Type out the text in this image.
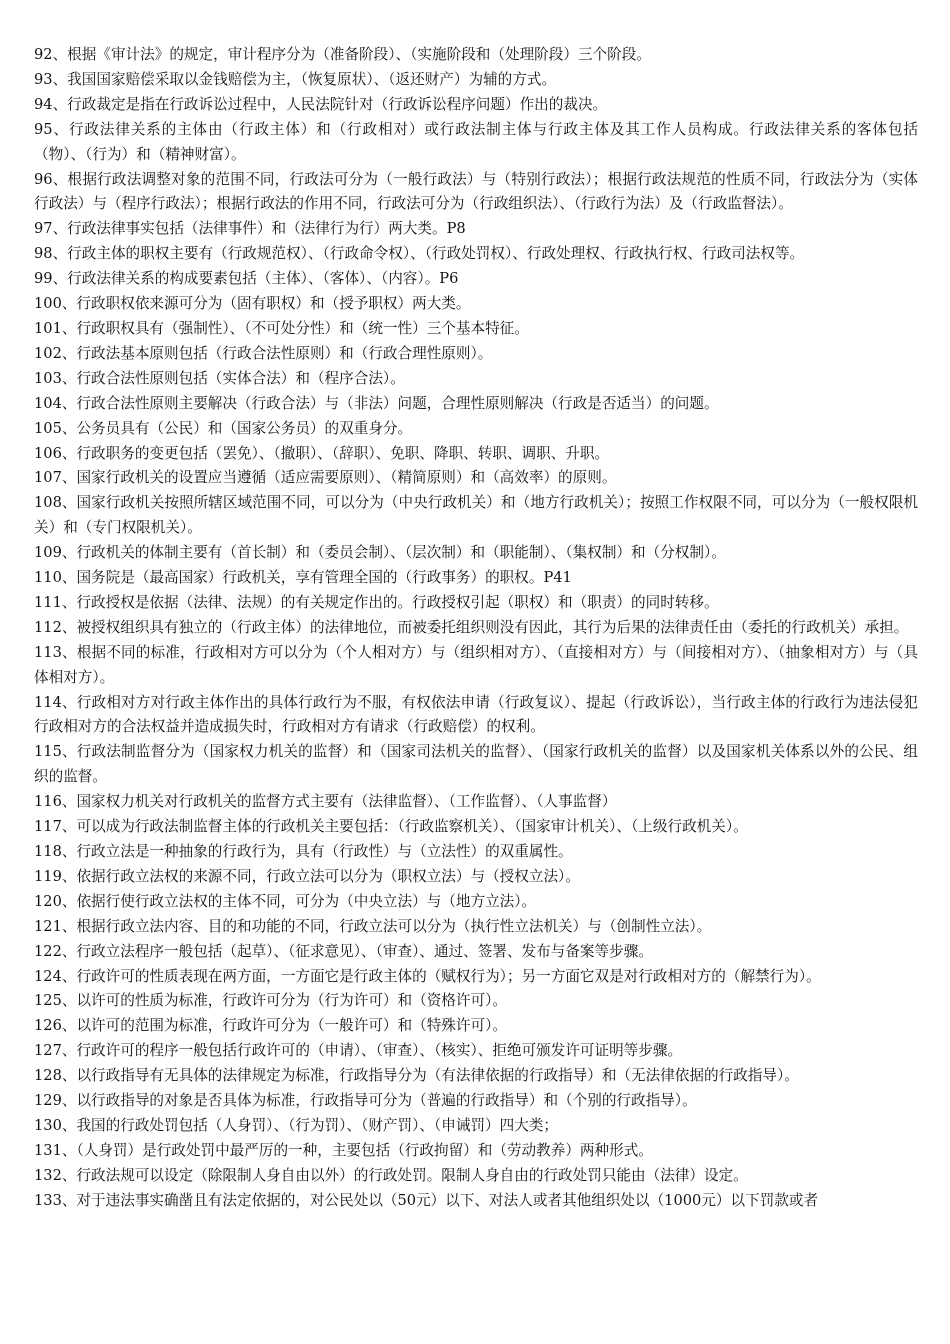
92、根据《审计法》的规定，审计程序分为（准备阶段）、（实施阶段和（处理阶段）三个阶段。

93、我国国家赔偿采取以金钱赔偿为主，（恢复原状）、（返还财产）为辅的方式。

94、行政裁定是指在行政诉讼过程中，人民法院针对（行政诉讼程序问题）作出的裁决。

95、行政法律关系的主体由（行政主体）和（行政相对）或行政法制主体与行政主体及其工作人员构成。行政法律关系的客体包括（物）、（行为）和（精神财富）。

96、根据行政法调整对象的范围不同，行政法可分为（一般行政法）与（特别行政法）；根据行政法规范的性质不同，行政法分为（实体行政法）与（程序行政法）；根据行政法的作用不同，行政法可分为（行政组织法）、（行政行为法）及（行政监督法）。

97、行政法律事实包括（法律事件）和（法律行为行）两大类。P8

98、行政主体的职权主要有（行政规范权）、（行政命令权）、（行政处罚权）、行政处理权、行政执行权、行政司法权等。

99、行政法律关系的构成要素包括（主体）、（客体）、（内容）。P6

100、行政职权依来源可分为（固有职权）和（授予职权）两大类。

101、行政职权具有（强制性）、（不可处分性）和（统一性）三个基本特征。

102、行政法基本原则包括（行政合法性原则）和（行政合理性原则）。

103、行政合法性原则包括（实体合法）和（程序合法）。

104、行政合法性原则主要解决（行政合法）与（非法）问题，合理性原则解决（行政是否适当）的问题。

105、公务员具有（公民）和（国家公务员）的双重身分。

106、行政职务的变更包括（罢免）、（撤职）、（辞职）、免职、降职、转职、调职、升职。

107、国家行政机关的设置应当遵循（适应需要原则）、（精简原则）和（高效率）的原则。

108、国家行政机关按照所辖区域范围不同，可以分为（中央行政机关）和（地方行政机关）；按照工作权限不同，可以分为（一般权限机关）和（专门权限机关）。

109、行政机关的体制主要有（首长制）和（委员会制）、（层次制）和（职能制）、（集权制）和（分权制）。

110、国务院是（最高国家）行政机关，享有管理全国的（行政事务）的职权。P41

111、行政授权是依据（法律、法规）的有关规定作出的。行政授权引起（职权）和（职责）的同时转移。

112、被授权组织具有独立的（行政主体）的法律地位，而被委托组织则没有因此，其行为后果的法律责任由（委托的行政机关）承担。

113、根据不同的标准，行政相对方可以分为（个人相对方）与（组织相对方）、（直接相对方）与（间接相对方）、（抽象相对方）与（具体相对方）。

114、行政相对方对行政主体作出的具体行政行为不服，有权依法申请（行政复议）、提起（行政诉讼），当行政主体的行政行为违法侵犯行政相对方的合法权益并造成损失时，行政相对方有请求（行政赔偿）的权利。

115、行政法制监督分为（国家权力机关的监督）和（国家司法机关的监督）、（国家行政机关的监督）以及国家机关体系以外的公民、组织的监督。

116、国家权力机关对行政机关的监督方式主要有（法律监督）、（工作监督）、（人事监督）

117、可以成为行政法制监督主体的行政机关主要包括：（行政监察机关）、（国家审计机关）、（上级行政机关）。

118、行政立法是一种抽象的行政行为，具有（行政性）与（立法性）的双重属性。

119、依据行政立法权的来源不同，行政立法可以分为（职权立法）与（授权立法）。

120、依据行使行政立法权的主体不同，可分为（中央立法）与（地方立法）。

121、根据行政立法内容、目的和功能的不同，行政立法可以分为（执行性立法机关）与（创制性立法）。

122、行政立法程序一般包括（起草）、（征求意见）、（审查）、通过、签署、发布与备案等步骤。

124、行政许可的性质表现在两方面，一方面它是行政主体的（赋权行为）；另一方面它双是对行政相对方的（解禁行为）。

125、以许可的性质为标准，行政许可分为（行为许可）和（资格许可）。

126、以许可的范围为标准，行政许可分为（一般许可）和（特殊许可）。

127、行政许可的程序一般包括行政许可的（申请）、（审查）、（核实）、拒绝可颁发许可证明等步骤。

128、以行政指导有无具体的法律规定为标准，行政指导分为（有法律依据的行政指导）和（无法律依据的行政指导）。

129、以行政指导的对象是否具体为标准，行政指导可分为（普遍的行政指导）和（个别的行政指导）。

130、我国的行政处罚包括（人身罚）、（行为罚）、（财产罚）、（申诫罚）四大类；

131、（人身罚）是行政处罚中最严厉的一种，主要包括（行政拘留）和（劳动教养）两种形式。

132、行政法规可以设定（除限制人身自由以外）的行政处罚。限制人身自由的行政处罚只能由（法律）设定。

133、对于违法事实确凿且有法定依据的，对公民处以（50元）以下、对法人或者其他组织处以（1000元）以下罚款或者
